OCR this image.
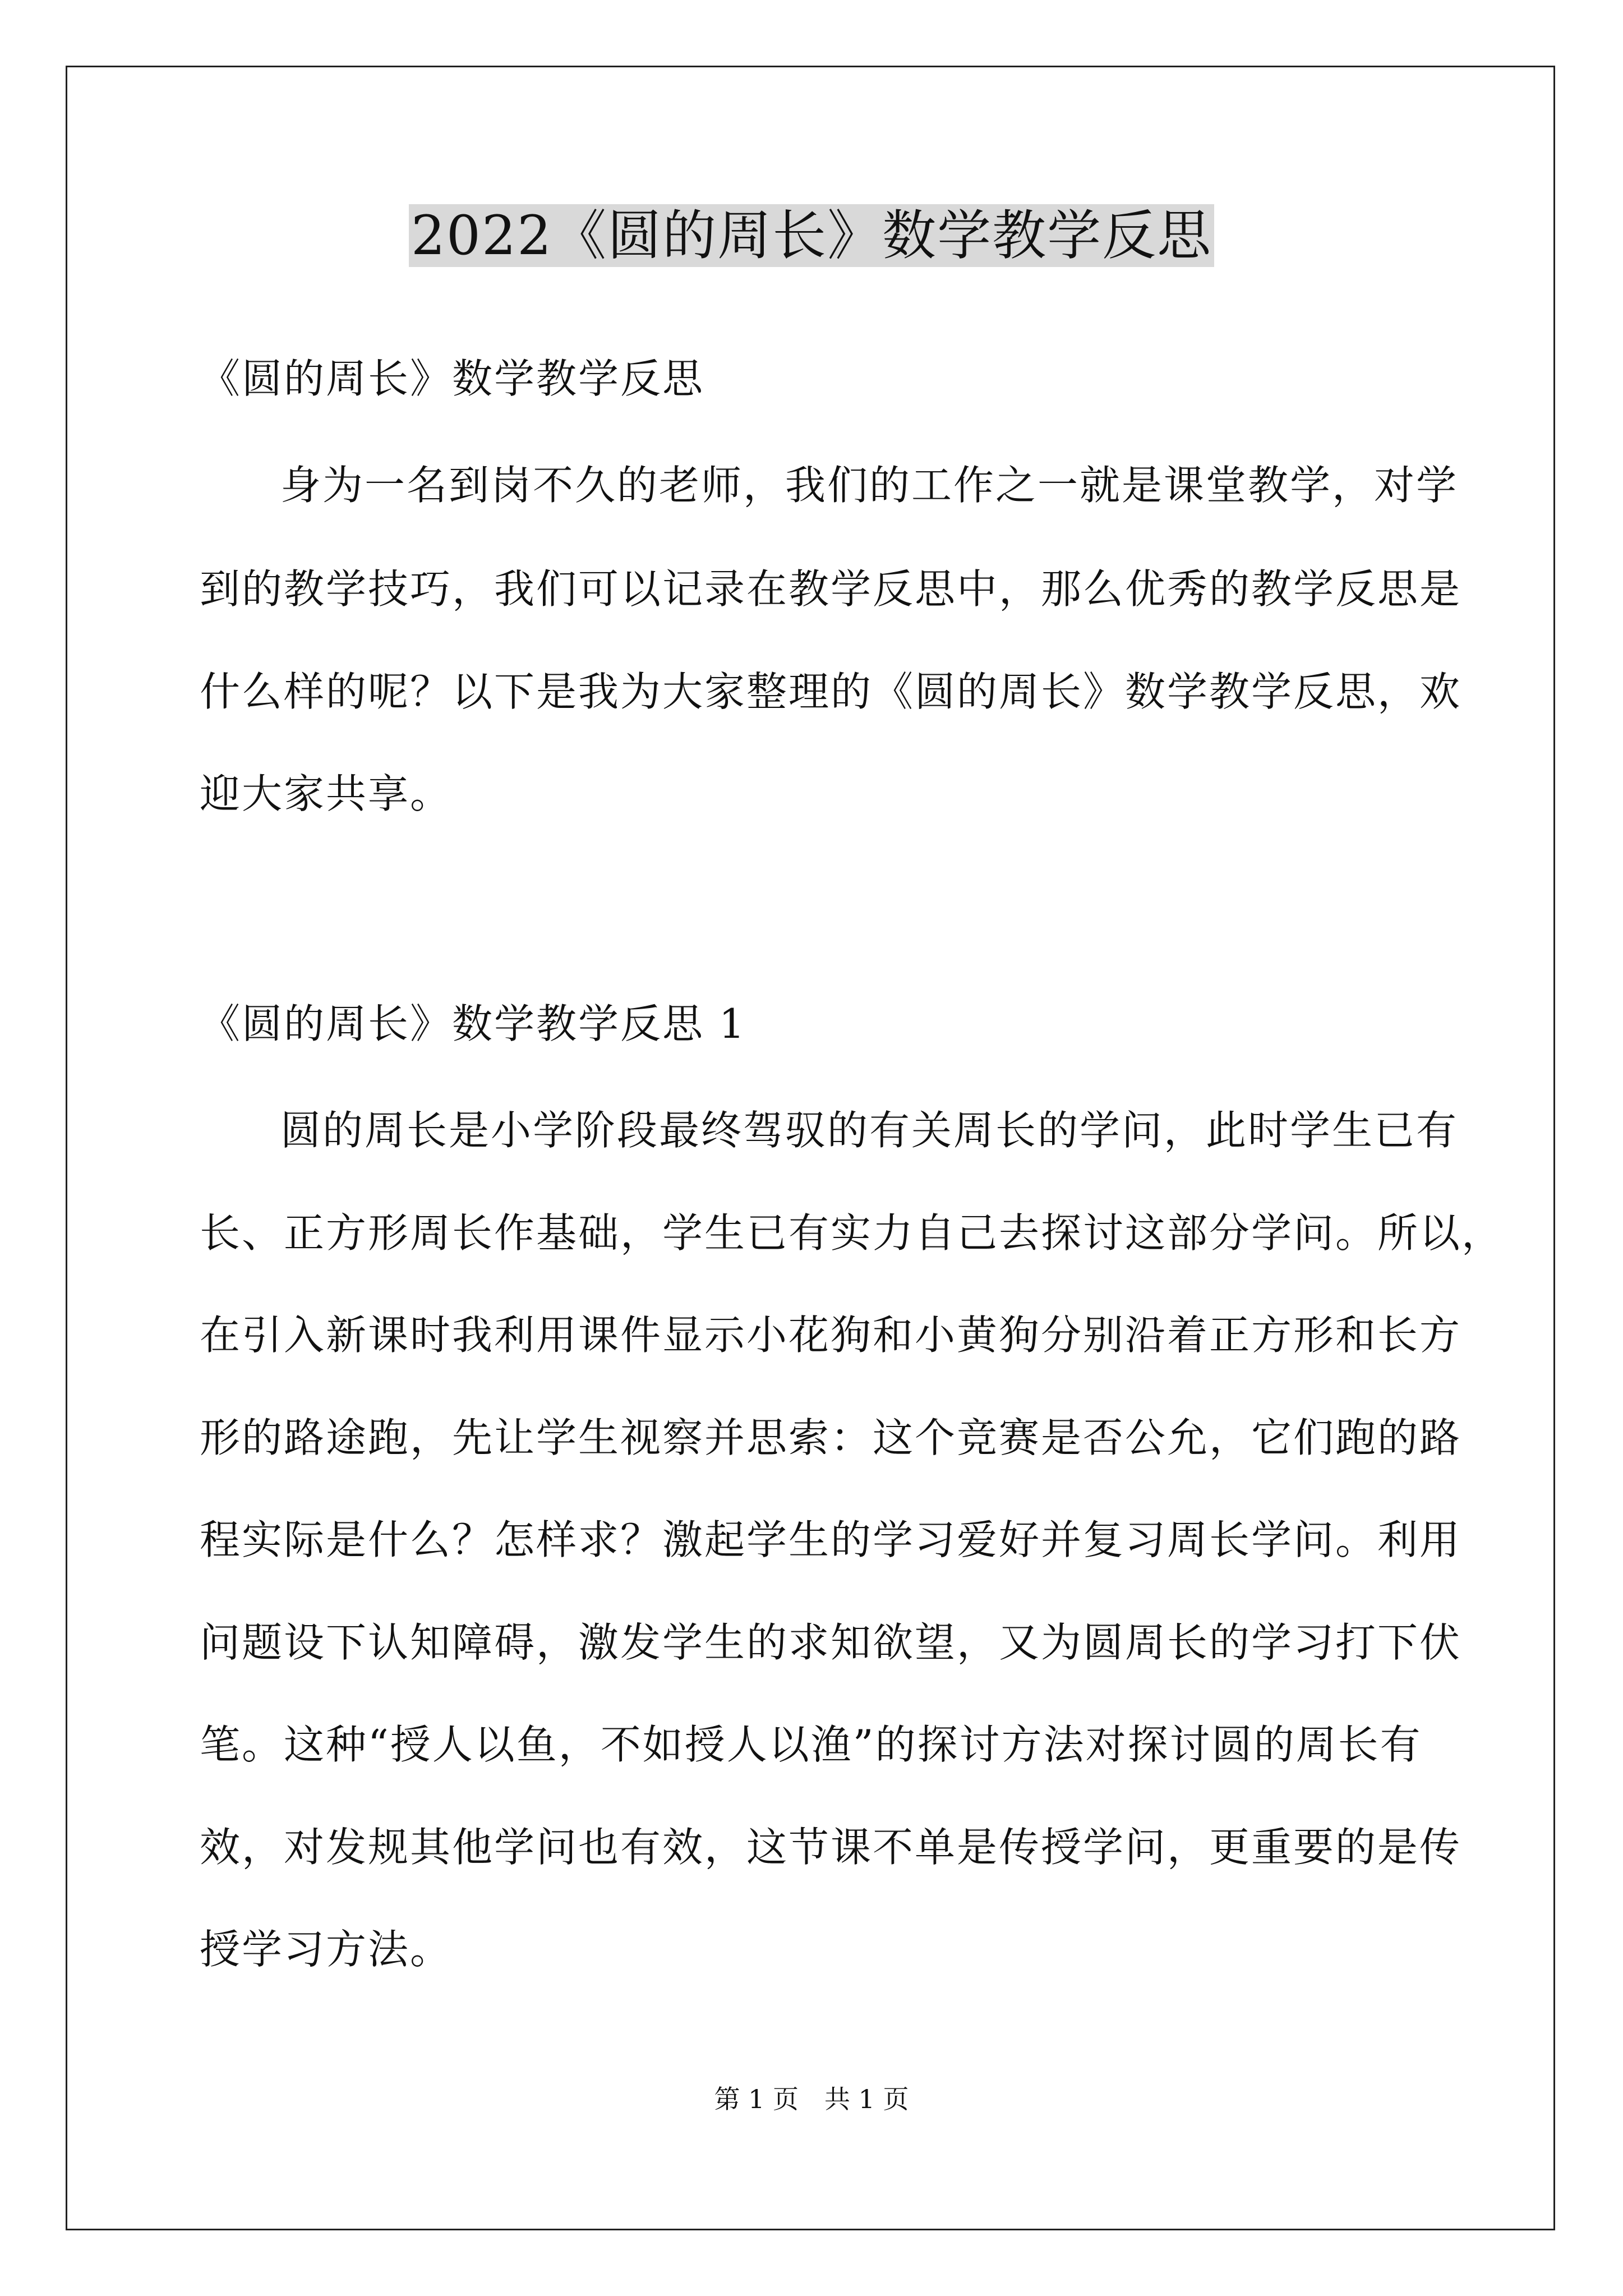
2022《圆的周长》数学教学反思
《圆的周长》数学教学反思
身为一名到岗不久的老师，我们的工作之一就是课堂教学，对学
到的教学技巧，我们可以记录在教学反思中，那么优秀的教学反思是
什么样的呢？以下是我为大家整理的《圆的周长》数学教学反思，欢
迎大家共享。
《圆的周长》数学教学反思 1
圆的周长是小学阶段最终驾驭的有关周长的学问，此时学生已有
长、正方形周长作基础，学生已有实力自己去探讨这部分学问。所以，
在引入新课时我利用课件显示小花狗和小黄狗分别沿着正方形和长方
形的路途跑，先让学生视察并思索：这个竞赛是否公允，它们跑的路
程实际是什么？怎样求？激起学生的学习爱好并复习周长学问。利用
问题设下认知障碍，激发学生的求知欲望，又为圆周长的学习打下伏
笔。这种“授人以鱼，不如授人以渔”的探讨方法对探讨圆的周长有
效，对发规其他学问也有效，这节课不单是传授学问，更重要的是传
授学习方法。
第 1 页　共 1 页
